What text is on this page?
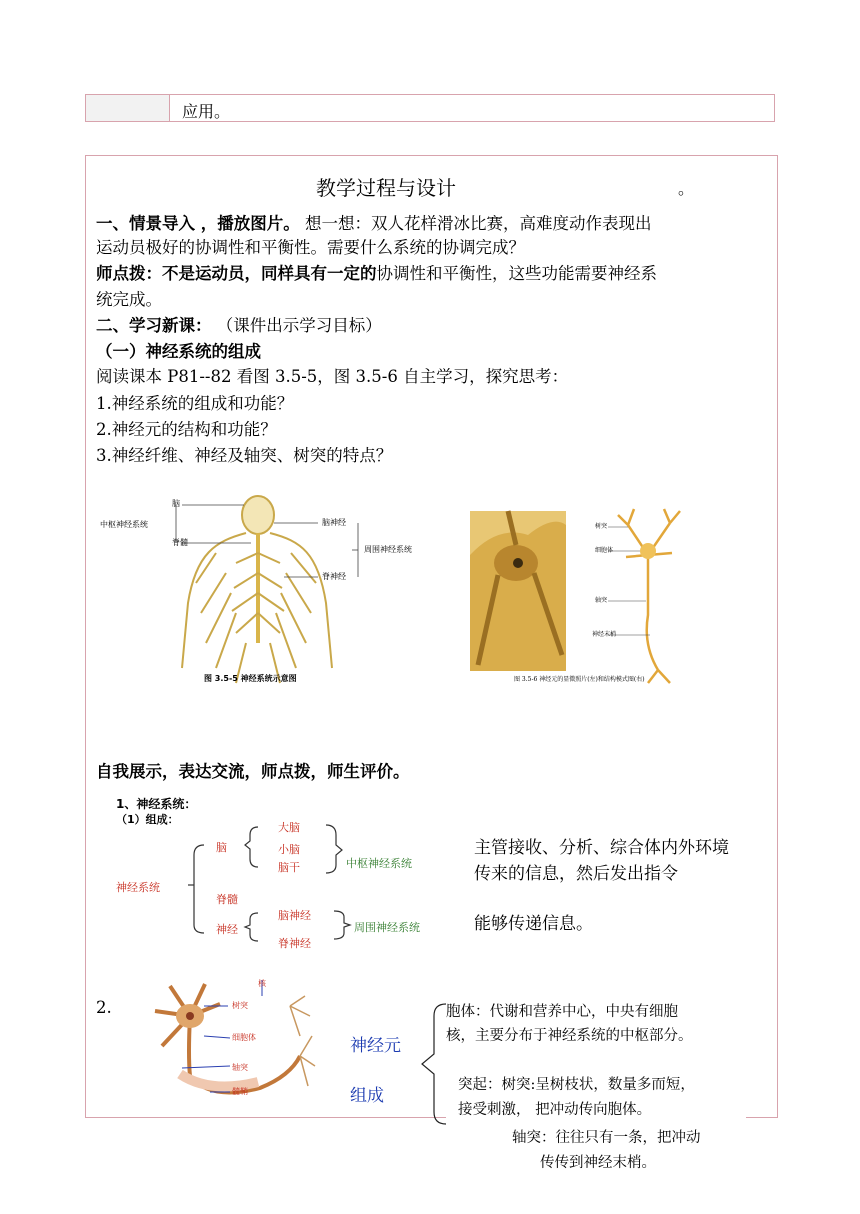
应用。
教学过程与设计	。
一、情景导入 ，播放图片。 想一想：双人花样滑冰比赛，高难度动作表现出
运动员极好的协调性和平衡性。需要什么系统的协调完成？
师点拨：不是运动员，同样具有一定的协调性和平衡性，这些功能需要神经系
统完成。
二、学习新课： （课件出示学习目标）
（一）神经系统的组成
阅读课本 P81--82 看图 3.5-5，图 3.5-6 自主学习，探究思考：
1.神经系统的组成和功能？
2.神经元的结构和功能？
3.神经纤维、神经及轴突、树突的特点？
脑
中枢神经系统
脊髓
脑神经
周围神经系统
脊神经
图 3.5-5 神经系统示意图
树突
细胞体
轴突
神经末梢
图 3.5-6 神经元的显微照片(左)和结构模式图(右)
自我展示，表达交流，师点拨，师生评价。
1、神经系统：
（1）组成：
神经系统
脑
大脑
小脑
脑干
脊髓
神经
脑神经
脊神经
中枢神经系统
周围神经系统
主管接收、分析、综合体内外环境
传来的信息，然后发出指令
能够传递信息。
2.	树突
细胞体
轴突
髓鞘
核
神经元
组成
胞体：代谢和营养中心，中央有细胞
核，主要分布于神经系统的中枢部分。
突起：树突:呈树枝状，数量多而短，
接受刺激， 把冲动传向胞体。
轴突：往往只有一条，把冲动
传传到神经末梢。
